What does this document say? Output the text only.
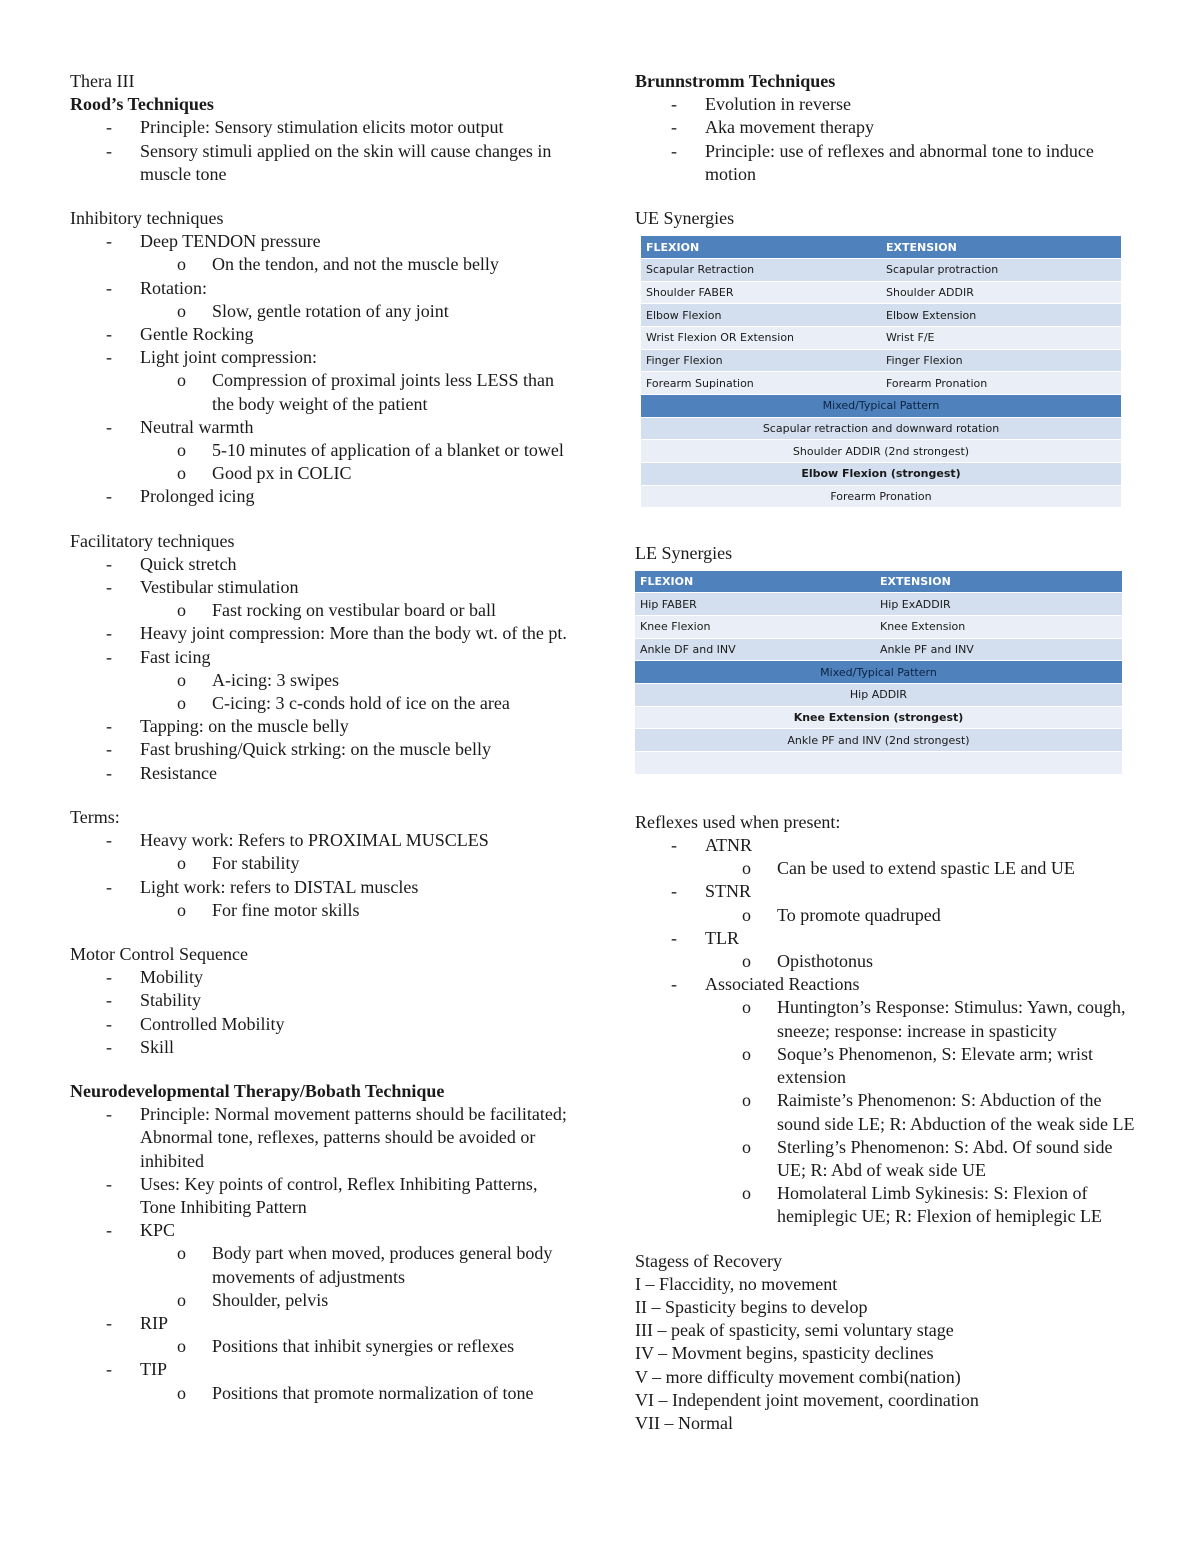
Thera III
Rood’s Techniques
-	Principle: Sensory stimulation elicits motor output
-	Sensory stimuli applied on the skin will cause changes in muscle tone
Inhibitory techniques
-	Deep TENDON pressure
o	On the tendon, and not the muscle belly
-	Rotation:
o	Slow, gentle rotation of any joint
-	Gentle Rocking
-	Light joint compression:
o	Compression of proximal joints less LESS than the body weight of the patient
-	Neutral warmth
o	5-10 minutes of application of a blanket or towel
o	Good px in COLIC
-	Prolonged icing
Facilitatory techniques
-	Quick stretch
-	Vestibular stimulation
o	Fast rocking on vestibular board or ball
-	Heavy joint compression: More than the body wt. of the pt.
-	Fast icing
o	A-icing: 3 swipes
o	C-icing: 3 c-conds hold of ice on the area
-	Tapping: on the muscle belly
-	Fast brushing/Quick strking: on the muscle belly
-	Resistance
Terms:
-	Heavy work: Refers to PROXIMAL MUSCLES
o	For stability
-	Light work: refers to DISTAL muscles
o	For fine motor skills
Motor Control Sequence
-	Mobility
-	Stability
-	Controlled Mobility
-	Skill
Neurodevelopmental Therapy/Bobath Technique
-	Principle: Normal movement patterns should be facilitated; Abnormal tone, reflexes, patterns should be avoided or inhibited
-	Uses: Key points of control, Reflex Inhibiting Patterns, Tone Inhibiting Pattern
-	KPC
o	Body part when moved, produces general body movements of adjustments
o	Shoulder, pelvis
-	RIP
o	Positions that inhibit synergies or reflexes
-	TIP
o	Positions that promote normalization of tone
Brunnstromm Techniques
-	Evolution in reverse
-	Aka movement therapy
-	Principle: use of reflexes and abnormal tone to induce motion
UE Synergies
FLEXION	EXTENSION
Scapular Retraction	Scapular protraction
Shoulder FABER	Shoulder ADDIR
Elbow Flexion	Elbow Extension
Wrist Flexion OR Extension	Wrist F/E
Finger Flexion	Finger Flexion
Forearm Supination	Forearm Pronation
Mixed/Typical Pattern	
Scapular retraction and downward rotation	
Shoulder ADDIR (2nd strongest)	
Elbow Flexion (strongest)	
Forearm Pronation	
LE Synergies
FLEXION	EXTENSION
Hip FABER	Hip ExADDIR
Knee Flexion	Knee Extension
Ankle DF and INV	Ankle PF and INV
Mixed/Typical Pattern	
Hip ADDIR	
Knee Extension (strongest)	
Ankle PF and INV (2nd strongest)	

Reflexes used when present:
-	ATNR
o	Can be used to extend spastic LE and UE
-	STNR
o	To promote quadruped
-	TLR
o	Opisthotonus
-	Associated Reactions
o	Huntington’s Response: Stimulus: Yawn, cough, sneeze; response: increase in spasticity
o	Soque’s Phenomenon, S: Elevate arm; wrist extension
o	Raimiste’s Phenomenon: S: Abduction of the sound side LE; R: Abduction of the weak side LE
o	Sterling’s Phenomenon: S: Abd. Of sound side UE; R: Abd of weak side UE
o	Homolateral Limb Sykinesis: S: Flexion of hemiplegic UE; R: Flexion of hemiplegic LE
Stagess of Recovery
I – Flaccidity, no movement
II – Spasticity begins to develop
III – peak of spasticity, semi voluntary stage
IV – Movment begins, spasticity declines
V – more difficulty movement combi(nation)
VI – Independent joint movement, coordination
VII – Normal
